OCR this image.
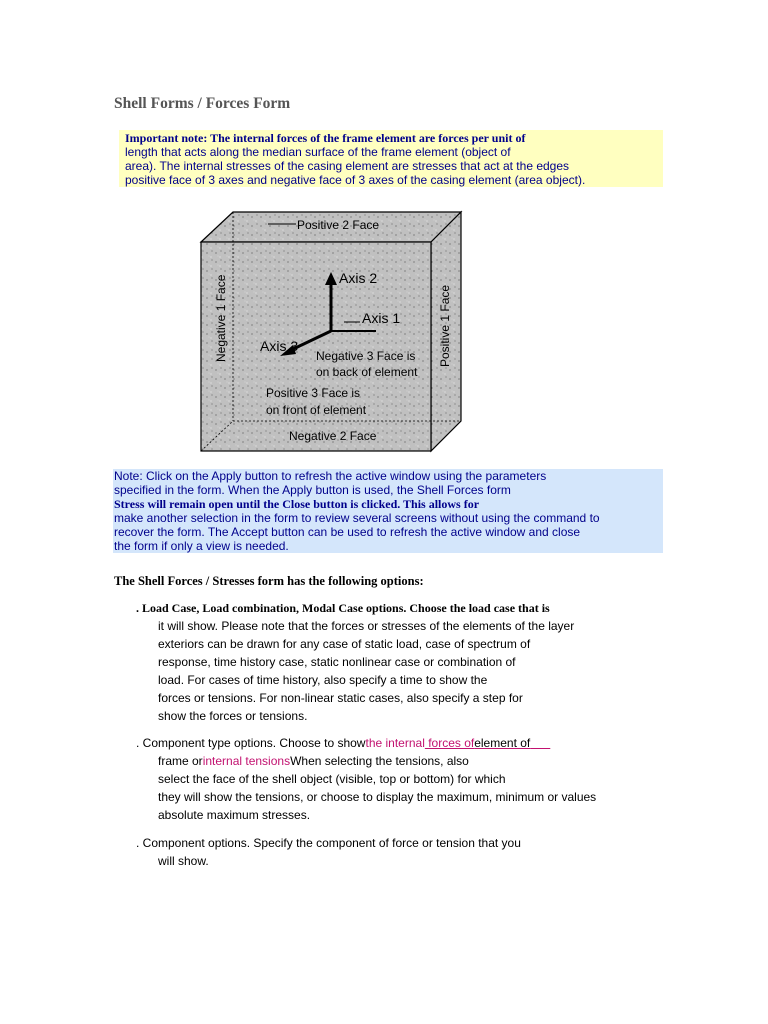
Shell Forms / Forces Form
Important note: The internal forces of the frame element are forces per unit of
length that acts along the median surface of the frame element (object of
area). The internal stresses of the casing element are stresses that act at the edges
positive face of 3 axes and negative face of 3 axes of the casing element (area object).
Positive 2 Face
Negative 2 Face
Negative 1 Face	Positive 1 Face
Axis 2
Axis 1
Axis 3
Negative 3 Face is
on back of element
Positive 3 Face is
on front of element
Note: Click on the Apply button to refresh the active window using the parameters
specified in the form. When the Apply button is used, the Shell Forces form
Stress will remain open until the Close button is clicked. This allows for
make another selection in the form to review several screens without using the command to
recover the form. The Accept button can be used to refresh the active window and close
the form if only a view is needed.
The Shell Forces / Stresses form has the following options:
. Load Case, Load combination, Modal Case options. Choose the load case that is
it will show. Please note that the forces or stresses of the elements of the layer
exteriors can be drawn for any case of static load, case of spectrum of
response, time history case, static nonlinear case or combination of
load. For cases of time history, also specify a time to show the
forces or tensions. For non-linear static cases, also specify a step for
show the forces or tensions.
. Component type options. Choose to showthe internal forces ofelement of
frame orinternal tensionsWhen selecting the tensions, also
select the face of the shell object (visible, top or bottom) for which
they will show the tensions, or choose to display the maximum, minimum or values
absolute maximum stresses.
. Component options. Specify the component of force or tension that you
will show.
